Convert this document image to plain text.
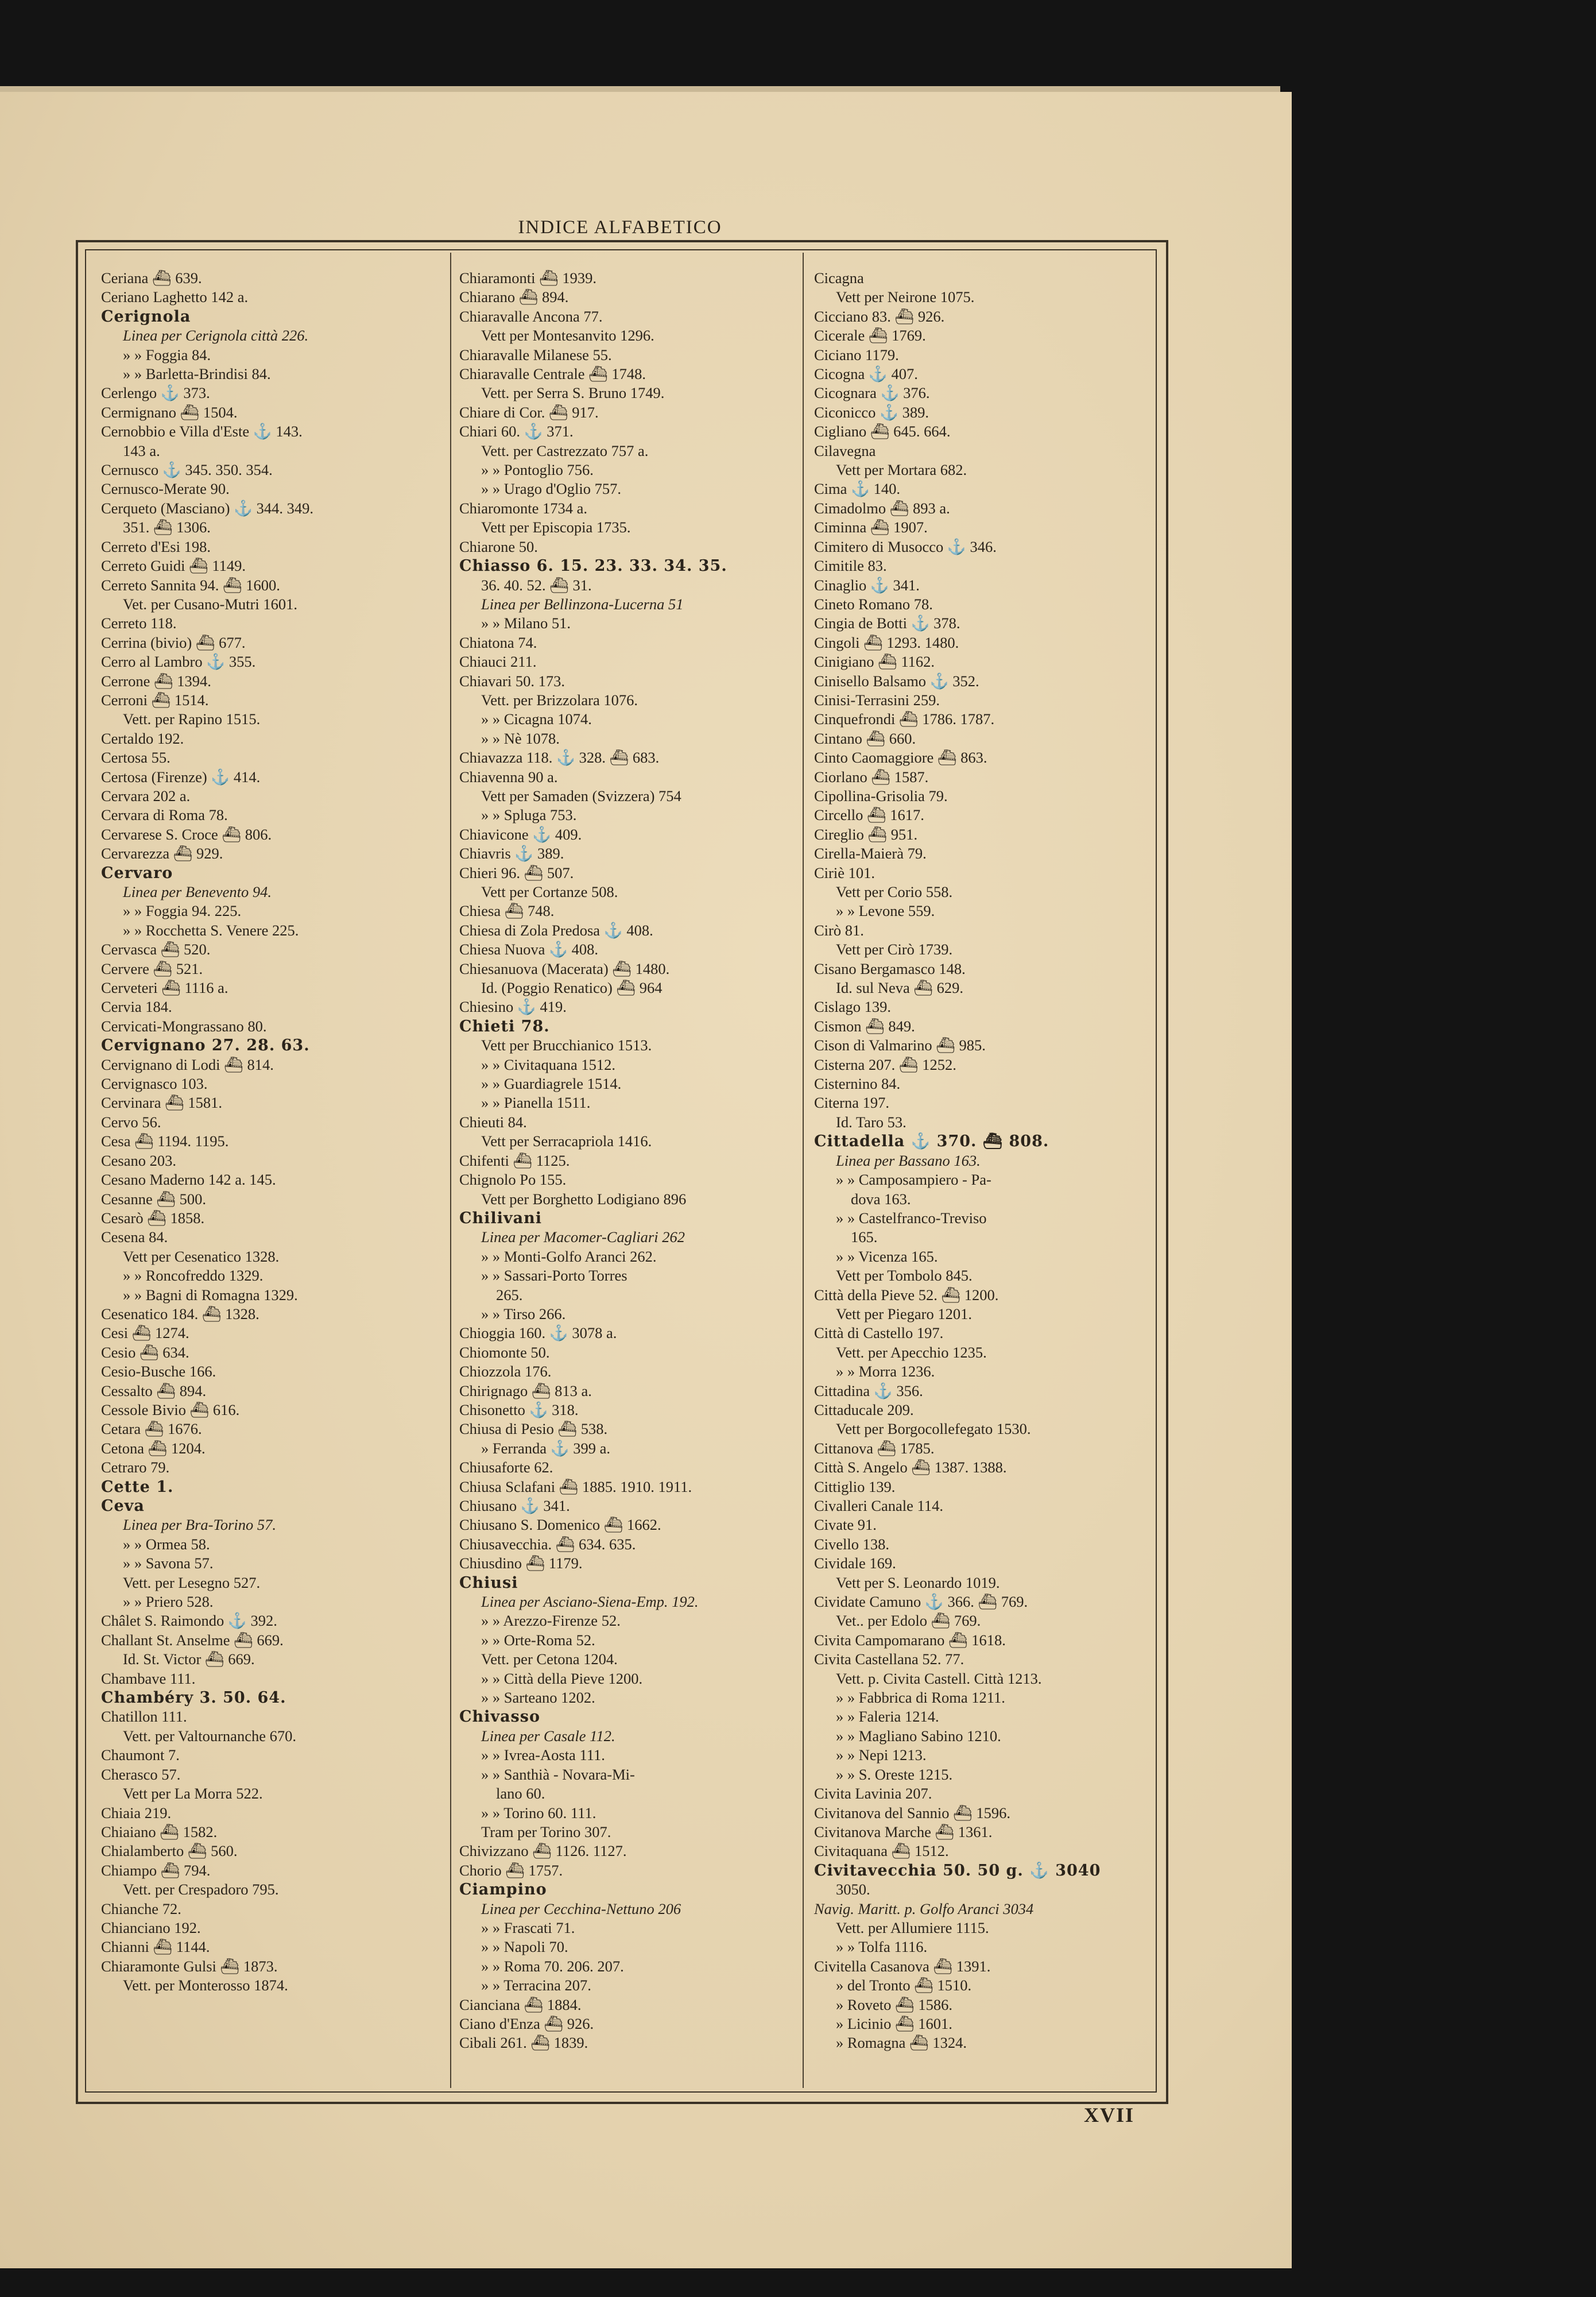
INDICE ALFABETICO
Ceriana ⛴ 639.
Ceriano Laghetto 142 a.
Cerignola
Linea per Cerignola città 226.
» » Foggia 84.
» » Barletta-Brindisi 84.
Cerlengo ⚓ 373.
Cermignano ⛴ 1504.
Cernobbio e Villa d'Este ⚓ 143.
143 a.
Cernusco ⚓ 345. 350. 354.
Cernusco-Merate 90.
Cerqueto (Masciano) ⚓ 344. 349.
351. ⛴ 1306.
Cerreto d'Esi 198.
Cerreto Guidi ⛴ 1149.
Cerreto Sannita 94. ⛴ 1600.
Vet. per Cusano-Mutri 1601.
Cerreto 118.
Cerrina (bivio) ⛴ 677.
Cerro al Lambro ⚓ 355.
Cerrone ⛴ 1394.
Cerroni ⛴ 1514.
Vett. per Rapino 1515.
Certaldo 192.
Certosa 55.
Certosa (Firenze) ⚓ 414.
Cervara 202 a.
Cervara di Roma 78.
Cervarese S. Croce ⛴ 806.
Cervarezza ⛴ 929.
Cervaro
Linea per Benevento 94.
» » Foggia 94. 225.
» » Rocchetta S. Venere 225.
Cervasca ⛴ 520.
Cervere ⛴ 521.
Cerveteri ⛴ 1116 a.
Cervia 184.
Cervicati-Mongrassano 80.
Cervignano 27. 28. 63.
Cervignano di Lodi ⛴ 814.
Cervignasco 103.
Cervinara ⛴ 1581.
Cervo 56.
Cesa ⛴ 1194. 1195.
Cesano 203.
Cesano Maderno 142 a. 145.
Cesanne ⛴ 500.
Cesarò ⛴ 1858.
Cesena 84.
Vett per Cesenatico 1328.
» » Roncofreddo 1329.
» » Bagni di Romagna 1329.
Cesenatico 184. ⛴ 1328.
Cesi ⛴ 1274.
Cesio ⛴ 634.
Cesio-Busche 166.
Cessalto ⛴ 894.
Cessole Bivio ⛴ 616.
Cetara ⛴ 1676.
Cetona ⛴ 1204.
Cetraro 79.
Cette 1.
Ceva
Linea per Bra-Torino 57.
» » Ormea 58.
» » Savona 57.
Vett. per Lesegno 527.
» » Priero 528.
Châlet S. Raimondo ⚓ 392.
Challant St. Anselme ⛴ 669.
Id. St. Victor ⛴ 669.
Chambave 111.
Chambéry 3. 50. 64.
Chatillon 111.
Vett. per Valtournanche 670.
Chaumont 7.
Cherasco 57.
Vett per La Morra 522.
Chiaia 219.
Chiaiano ⛴ 1582.
Chialamberto ⛴ 560.
Chiampo ⛴ 794.
Vett. per Crespadoro 795.
Chianche 72.
Chianciano 192.
Chianni ⛴ 1144.
Chiaramonte Gulsi ⛴ 1873.
Vett. per Monterosso 1874.
Chiaramonti ⛴ 1939.
Chiarano ⛴ 894.
Chiaravalle Ancona 77.
Vett per Montesanvito 1296.
Chiaravalle Milanese 55.
Chiaravalle Centrale ⛴ 1748.
Vett. per Serra S. Bruno 1749.
Chiare di Cor. ⛴ 917.
Chiari 60. ⚓ 371.
Vett. per Castrezzato 757 a.
» » Pontoglio 756.
» » Urago d'Oglio 757.
Chiaromonte 1734 a.
Vett per Episcopia 1735.
Chiarone 50.
Chiasso 6. 15. 23. 33. 34. 35.
36. 40. 52. ⛴ 31.
Linea per Bellinzona-Lucerna 51
» » Milano 51.
Chiatona 74.
Chiauci 211.
Chiavari 50. 173.
Vett. per Brizzolara 1076.
» » Cicagna 1074.
» » Nè 1078.
Chiavazza 118. ⚓ 328. ⛴ 683.
Chiavenna 90 a.
Vett per Samaden (Svizzera) 754
» » Spluga 753.
Chiavicone ⚓ 409.
Chiavris ⚓ 389.
Chieri 96. ⛴ 507.
Vett per Cortanze 508.
Chiesa ⛴ 748.
Chiesa di Zola Predosa ⚓ 408.
Chiesa Nuova ⚓ 408.
Chiesanuova (Macerata) ⛴ 1480.
Id. (Poggio Renatico) ⛴ 964
Chiesino ⚓ 419.
Chieti 78.
Vett per Brucchianico 1513.
» » Civitaquana 1512.
» » Guardiagrele 1514.
» » Pianella 1511.
Chieuti 84.
Vett per Serracapriola 1416.
Chifenti ⛴ 1125.
Chignolo Po 155.
Vett per Borghetto Lodigiano 896
Chilivani
Linea per Macomer-Cagliari 262
» » Monti-Golfo Aranci 262.
» » Sassari-Porto Torres
265.
» » Tirso 266.
Chioggia 160. ⚓ 3078 a.
Chiomonte 50.
Chiozzola 176.
Chirignago ⛴ 813 a.
Chisonetto ⚓ 318.
Chiusa di Pesio ⛴ 538.
» Ferranda ⚓ 399 a.
Chiusaforte 62.
Chiusa Sclafani ⛴ 1885. 1910. 1911.
Chiusano ⚓ 341.
Chiusano S. Domenico ⛴ 1662.
Chiusavecchia. ⛴ 634. 635.
Chiusdino ⛴ 1179.
Chiusi
Linea per Asciano-Siena-Emp. 192.
» » Arezzo-Firenze 52.
» » Orte-Roma 52.
Vett. per Cetona 1204.
» » Città della Pieve 1200.
» » Sarteano 1202.
Chivasso
Linea per Casale 112.
» » Ivrea-Aosta 111.
» » Santhià - Novara-Mi-
lano 60.
» » Torino 60. 111.
Tram per Torino 307.
Chivizzano ⛴ 1126. 1127.
Chorio ⛴ 1757.
Ciampino
Linea per Cecchina-Nettuno 206
» » Frascati 71.
» » Napoli 70.
» » Roma 70. 206. 207.
» » Terracina 207.
Cianciana ⛴ 1884.
Ciano d'Enza ⛴ 926.
Cibali 261. ⛴ 1839.
Cicagna
Vett per Neirone 1075.
Cicciano 83. ⛴ 926.
Cicerale ⛴ 1769.
Ciciano 1179.
Cicogna ⚓ 407.
Cicognara ⚓ 376.
Ciconicco ⚓ 389.
Cigliano ⛴ 645. 664.
Cilavegna
Vett per Mortara 682.
Cima ⚓ 140.
Cimadolmo ⛴ 893 a.
Ciminna ⛴ 1907.
Cimitero di Musocco ⚓ 346.
Cimitile 83.
Cinaglio ⚓ 341.
Cineto Romano 78.
Cingia de Botti ⚓ 378.
Cingoli ⛴ 1293. 1480.
Cinigiano ⛴ 1162.
Cinisello Balsamo ⚓ 352.
Cinisi-Terrasini 259.
Cinquefrondi ⛴ 1786. 1787.
Cintano ⛴ 660.
Cinto Caomaggiore ⛴ 863.
Ciorlano ⛴ 1587.
Cipollina-Grisolia 79.
Circello ⛴ 1617.
Cireglio ⛴ 951.
Cirella-Maierà 79.
Ciriè 101.
Vett per Corio 558.
» » Levone 559.
Cirò 81.
Vett per Cirò 1739.
Cisano Bergamasco 148.
Id. sul Neva ⛴ 629.
Cislago 139.
Cismon ⛴ 849.
Cison di Valmarino ⛴ 985.
Cisterna 207. ⛴ 1252.
Cisternino 84.
Citerna 197.
Id. Taro 53.
Cittadella ⚓ 370. ⛴ 808.
Linea per Bassano 163.
» » Camposampiero - Pa-
dova 163.
» » Castelfranco-Treviso
165.
» » Vicenza 165.
Vett per Tombolo 845.
Città della Pieve 52. ⛴ 1200.
Vett per Piegaro 1201.
Città di Castello 197.
Vett. per Apecchio 1235.
» » Morra 1236.
Cittadina ⚓ 356.
Cittaducale 209.
Vett per Borgocollefegato 1530.
Cittanova ⛴ 1785.
Città S. Angelo ⛴ 1387. 1388.
Cittiglio 139.
Civalleri Canale 114.
Civate 91.
Civello 138.
Cividale 169.
Vett per S. Leonardo 1019.
Cividate Camuno ⚓ 366. ⛴ 769.
Vet.. per Edolo ⛴ 769.
Civita Campomarano ⛴ 1618.
Civita Castellana 52. 77.
Vett. p. Civita Castell. Città 1213.
» » Fabbrica di Roma 1211.
» » Faleria 1214.
» » Magliano Sabino 1210.
» » Nepi 1213.
» » S. Oreste 1215.
Civita Lavinia 207.
Civitanova del Sannio ⛴ 1596.
Civitanova Marche ⛴ 1361.
Civitaquana ⛴ 1512.
Civitavecchia 50. 50 g. ⚓ 3040
3050.
Navig. Maritt. p. Golfo Aranci 3034
Vett. per Allumiere 1115.
» » Tolfa 1116.
Civitella Casanova ⛴ 1391.
» del Tronto ⛴ 1510.
» Roveto ⛴ 1586.
» Licinio ⛴ 1601.
» Romagna ⛴ 1324.
XVII
